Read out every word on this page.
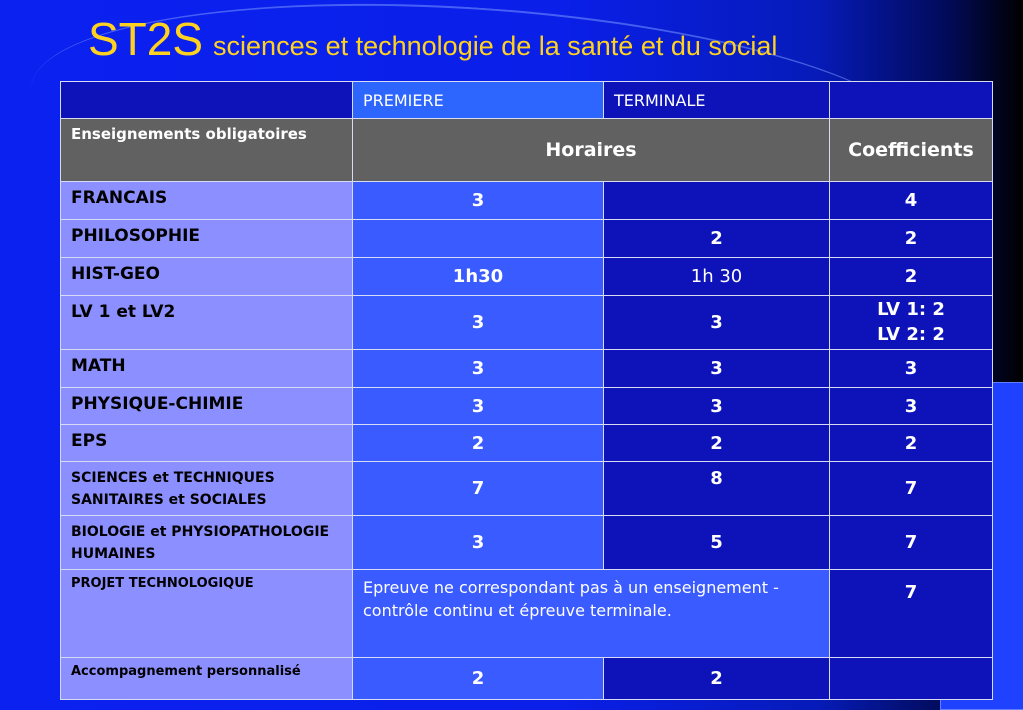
ST2S sciences et technologie de la santé et du social
	PREMIERE	TERMINALE	
Enseignements obligatoires	Horaires		Coefficients
FRANCAIS	3		4
PHILOSOPHIE		2	2
HIST-GEO	1h30	1h 30	2
LV 1 et LV2	3	3	LV 1: 2
LV 2: 2

MATH	3	3	3
PHYSIQUE-CHIMIE	3	3	3
EPS	2	2	2
SCIENCES et TECHNIQUES SANITAIRES et SOCIALES	7	8	7
BIOLOGIE et PHYSIOPATHOLOGIE HUMAINES	3	5	7
PROJET TECHNOLOGIQUE	Epreuve ne correspondant pas à un enseignement - contrôle continu et épreuve terminale.		7
Accompagnement personnalisé	2	2	
